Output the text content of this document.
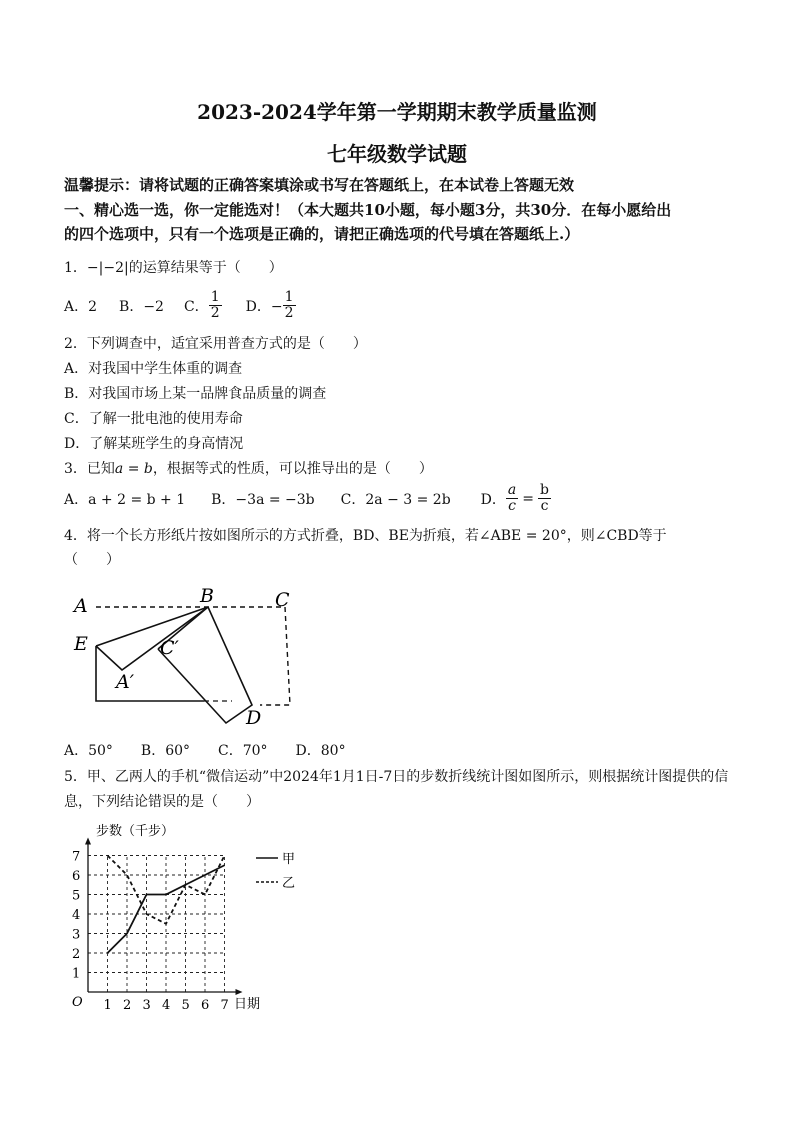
2023-2024学年第一学期期末教学质量监测
七年级数学试题
温馨提示：请将试题的正确答案填涂或书写在答题纸上，在本试卷上答题无效
一、精心选一选，你一定能选对！（本大题共10小题，每小题3分，共30分．在每小愿给出
的四个选项中，只有一个选项是正确的，请把正确选项的代号填在答题纸上.）
1．−|−2|的运算结果等于（　　）
A．2 B．−2 C． $\frac{1}{2}$ D．− $\frac{1}{2}$
2．下列调查中，适宜采用普查方式的是（　　）
A．对我国中学生体重的调查
B．对我国市场上某一品牌食品质量的调查
C．了解一批电池的使用寿命
D．了解某班学生的身高情况
3．已知a = b，根据等式的性质，可以推导出的是（　　）
A．a + 2 = b + 1 B．−3a = −3b C．2a − 3 = 2b D． $\frac{a}{c} = \frac{b}{c}$
4．将一个长方形纸片按如图所示的方式折叠，BD、BE为折痕，若∠ABE = 20°，则∠CBD等于
（　　）
A	B	C
E	C′
A′
D
A．50°　　B．60°　　C．70°　　D．80°
5．甲、乙两人的手机“微信运动”中2024年1月1日-7日的步数折线统计图如图所示，则根据统计图提供的信
息，下列结论错误的是（　　）
步数（千步）
日期
O
1
2
3
4
5
6
7
1 2 3 4 5 6 7
甲
乙
